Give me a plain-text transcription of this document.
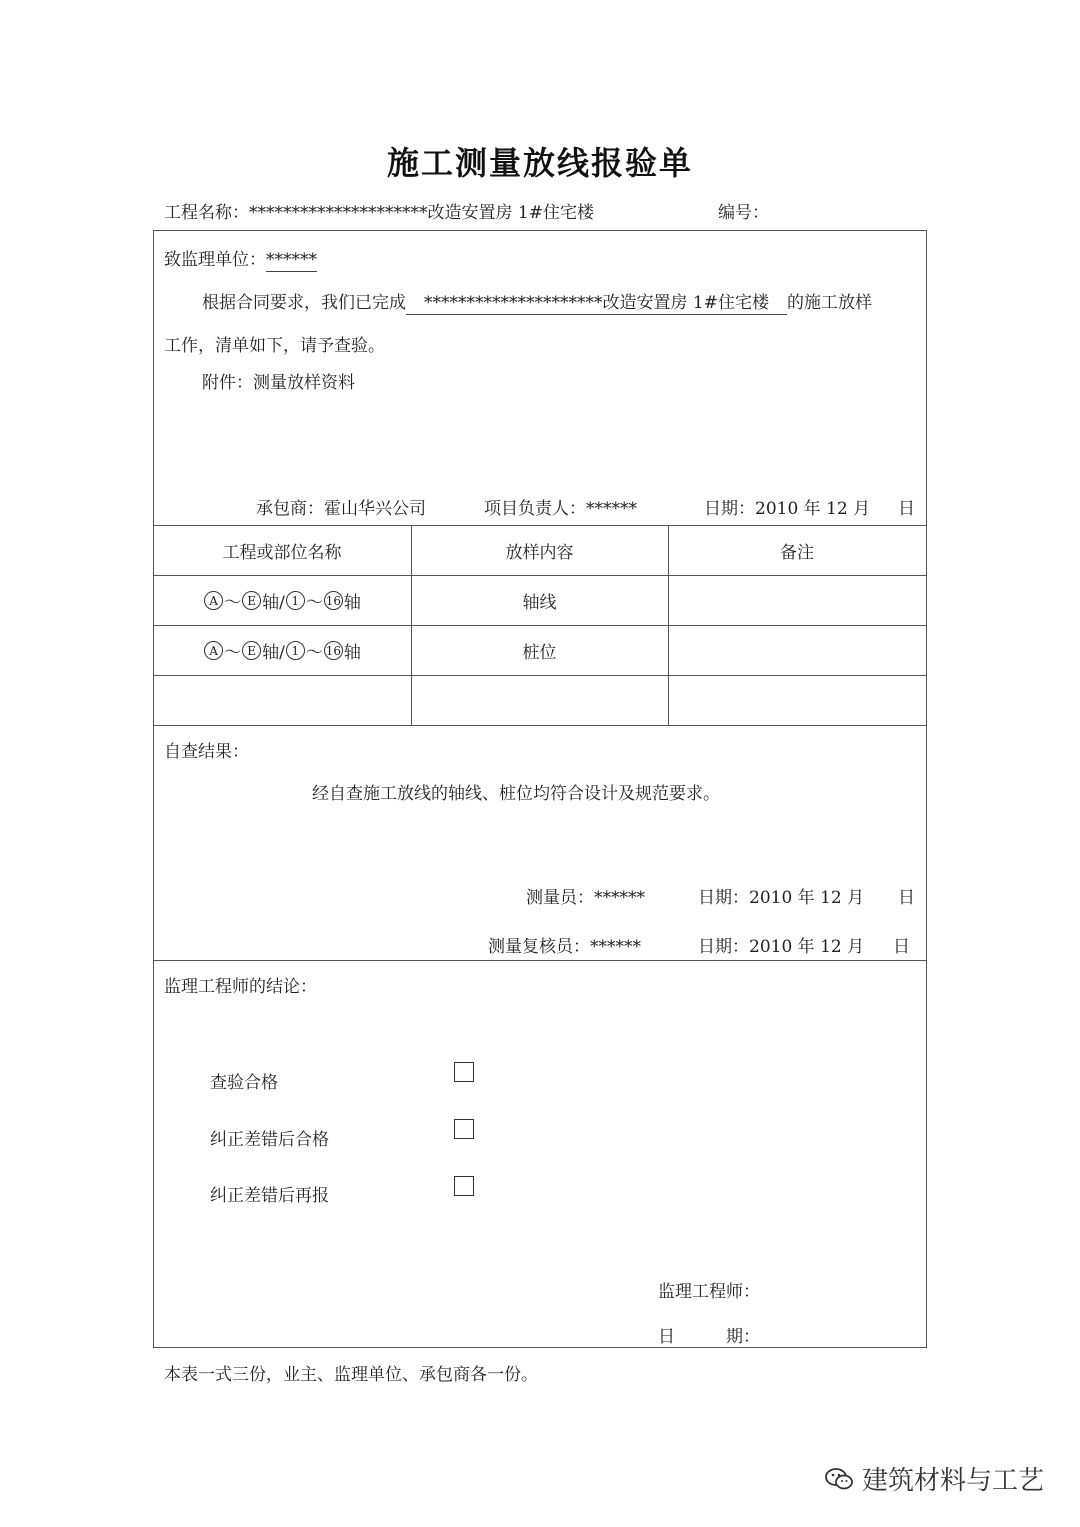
施工测量放线报验单
工程名称：*********************改造安置房 1#住宅楼	编号：
致监理单位：******
根据合同要求，我们已完成 *********************改造安置房 1#住宅楼 的施工放样
工作，清单如下，请予查验。
附件：测量放样资料
承包商：霍山华兴公司	项目负责人：******	日期：2010 年 12 月 日
工程或部位名称	放样内容	备注
A ～ E 轴/ 1 ～ 16 轴	轴线
A ～ E 轴/ 1 ～ 16 轴	桩位
自查结果：
经自查施工放线的轴线、桩位均符合设计及规范要求。
测量员：******	日期：2010 年 12 月 日
测量复核员：******	日期：2010 年 12 月 日
监理工程师的结论：
查验合格
纠正差错后合格
纠正差错后再报
监理工程师：
日　　　期：
本表一式三份，业主、监理单位、承包商各一份。
建筑材料与工艺
